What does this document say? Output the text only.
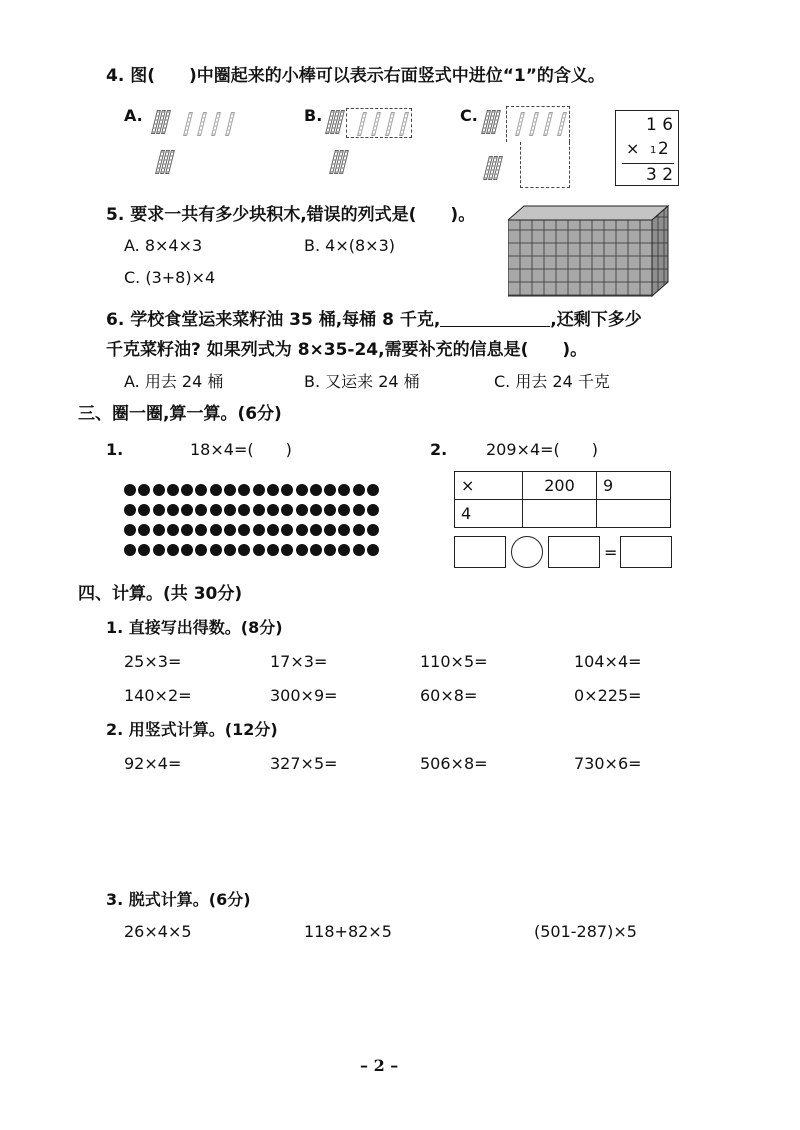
4. 图(　　)中圈起来的小棒可以表示右面竖式中进位“1”的含义。
A.	B.	C.	1 6
× 1 2
3 2
5. 要求一共有多少块积木,错误的列式是(　　)。
A. 8×4×3	B. 4×(8×3)
C. (3+8)×4
6. 学校食堂运来菜籽油 35 桶,每桶 8 千克,	,还剩下多少
千克菜籽油? 如果列式为 8×35-24,需要补充的信息是(　　)。
A. 用去 24 桶	B. 又运来 24 桶	C. 用去 24 千克
三、圈一圈,算一算。(6分)
1.	18×4=(　　)	2. 209×4=(　　)
×	200	9
4		
=
四、计算。(共 30分)
1. 直接写出得数。(8分)
25×3=	17×3=	110×5=	104×4=
140×2=	300×9=	60×8=	0×225=
2. 用竖式计算。(12分)
92×4=	327×5=	506×8=	730×6=
3. 脱式计算。(6分)
26×4×5	118+82×5	(501-287)×5
– 2 –
